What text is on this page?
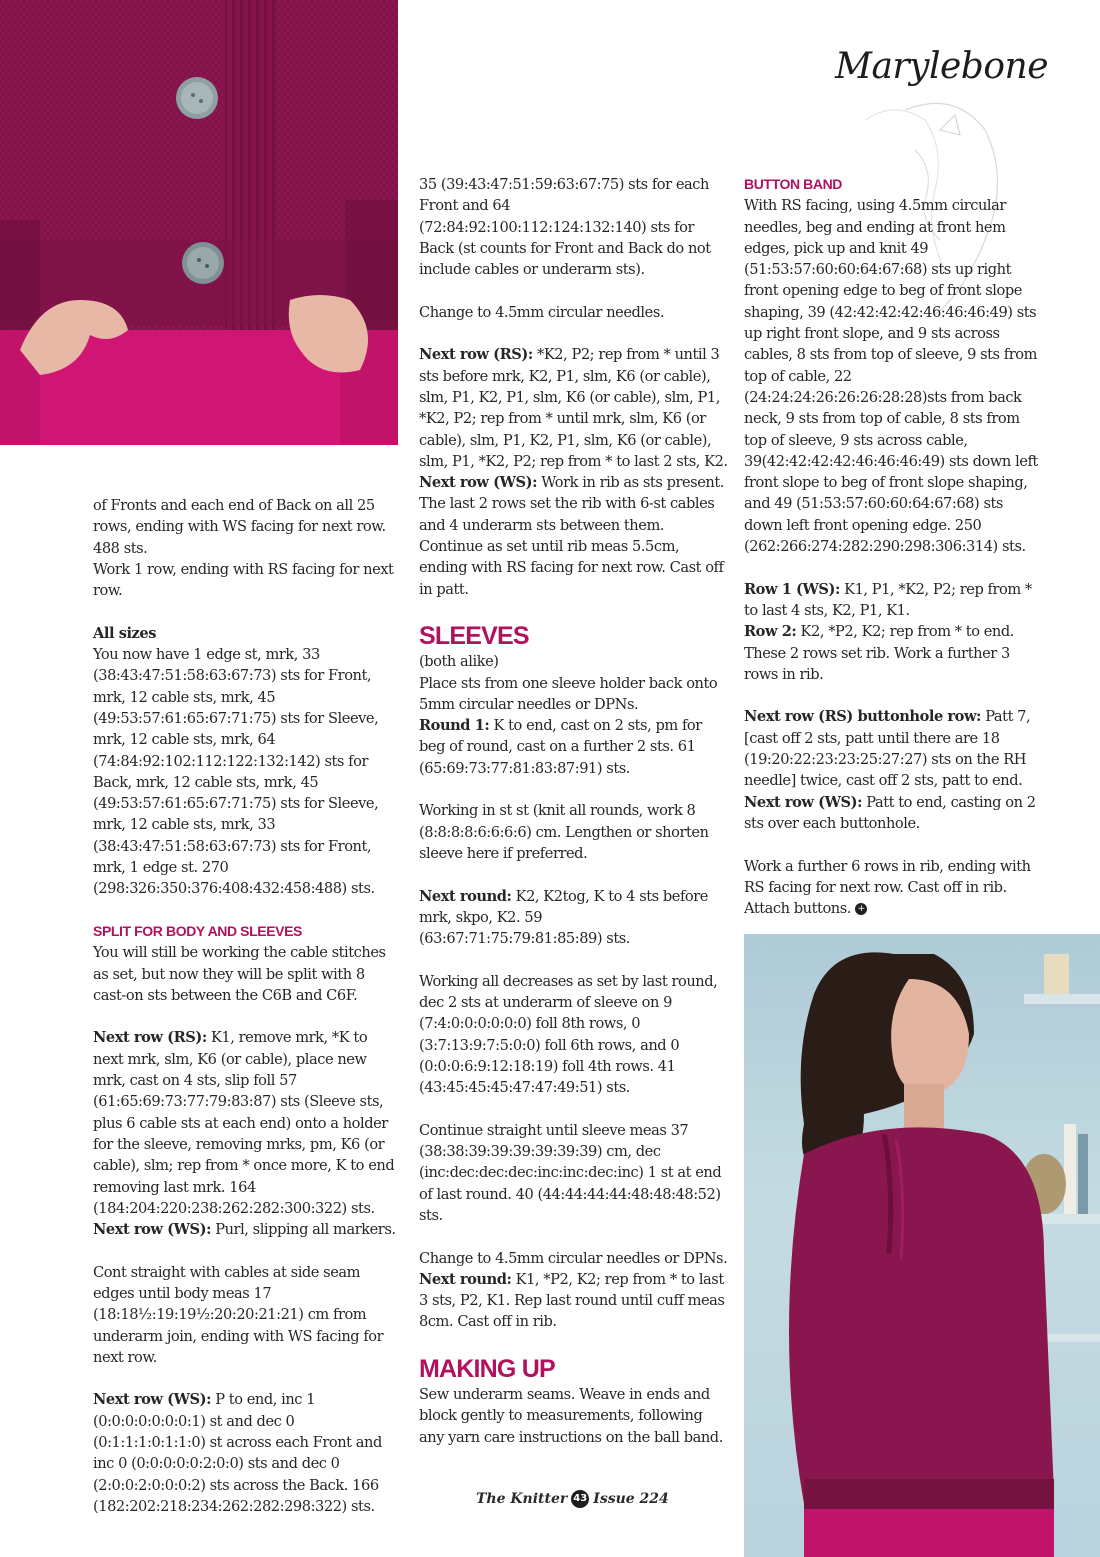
Marylebone

of Fronts and each end of Back on all 25 rows, ending with WS facing for next row. 488 sts.
Work 1 row, ending with RS facing for next row.

All sizes
You now have 1 edge st, mrk, 33 (38:43:47:51:58:63:67:73) sts for Front, mrk, 12 cable sts, mrk, 45 (49:53:57:61:65:67:71:75) sts for Sleeve, mrk, 12 cable sts, mrk, 64 (74:84:92:102:112:122:132:142) sts for Back, mrk, 12 cable sts, mrk, 45 (49:53:57:61:65:67:71:75) sts for Sleeve, mrk, 12 cable sts, mrk, 33 (38:43:47:51:58:63:67:73) sts for Front, mrk, 1 edge st. 270 (298:326:350:376:408:432:458:488) sts.

SPLIT FOR BODY AND SLEEVES
You will still be working the cable stitches as set, but now they will be split with 8 cast-on sts between the C6B and C6F.

Next row (RS): K1, remove mrk, *K to next mrk, slm, K6 (or cable), place new mrk, cast on 4 sts, slip foll 57 (61:65:69:73:77:79:83:87) sts (Sleeve sts, plus 6 cable sts at each end) onto a holder for the sleeve, removing mrks, pm, K6 (or cable), slm; rep from * once more, K to end removing last mrk. 164 (184:204:220:238:262:282:300:322) sts.
Next row (WS): Purl, slipping all markers.

Cont straight with cables at side seam edges until body meas 17 (18:18½:19:19½:20:20:21:21) cm from underarm join, ending with WS facing for next row.

Next row (WS): P to end, inc 1 (0:0:0:0:0:0:0:1) st and dec 0 (0:1:1:1:0:1:1:0) st across each Front and inc 0 (0:0:0:0:0:2:0:0) sts and dec 0 (2:0:0:2:0:0:0:2) sts across the Back. 166 (182:202:218:234:262:282:298:322) sts.

35 (39:43:47:51:59:63:67:75) sts for each Front and 64 (72:84:92:100:112:124:132:140) sts for Back (st counts for Front and Back do not include cables or underarm sts).

Change to 4.5mm circular needles.

Next row (RS): *K2, P2; rep from * until 3 sts before mrk, K2, P1, slm, K6 (or cable), slm, P1, K2, P1, slm, K6 (or cable), slm, P1, *K2, P2; rep from * until mrk, slm, K6 (or cable), slm, P1, K2, P1, slm, K6 (or cable), slm, P1, *K2, P2; rep from * to last 2 sts, K2.
Next row (WS): Work in rib as sts present. The last 2 rows set the rib with 6-st cables and 4 underarm sts between them. Continue as set until rib meas 5.5cm, ending with RS facing for next row. Cast off in patt.

SLEEVES

(both alike)
Place sts from one sleeve holder back onto 5mm circular needles or DPNs.
Round 1: K to end, cast on 2 sts, pm for beg of round, cast on a further 2 sts. 61 (65:69:73:77:81:83:87:91) sts.

Working in st st (knit all rounds, work 8 (8:8:8:8:6:6:6:6) cm. Lengthen or shorten sleeve here if preferred.

Next round: K2, K2tog, K to 4 sts before mrk, skpo, K2. 59 (63:67:71:75:79:81:85:89) sts.

Working all decreases as set by last round, dec 2 sts at underarm of sleeve on 9 (7:4:0:0:0:0:0:0) foll 8th rows, 0 (3:7:13:9:7:5:0:0) foll 6th rows, and 0 (0:0:0:6:9:12:18:19) foll 4th rows. 41 (43:45:45:45:47:47:49:51) sts.

Continue straight until sleeve meas 37 (38:38:39:39:39:39:39:39) cm, dec (inc:dec:dec:dec:inc:inc:dec:inc) 1 st at end of last round. 40 (44:44:44:44:48:48:48:52) sts.

Change to 4.5mm circular needles or DPNs.
Next round: K1, *P2, K2; rep from * to last 3 sts, P2, K1. Rep last round until cuff meas 8cm. Cast off in rib.

MAKING UP

Sew underarm seams. Weave in ends and block gently to measurements, following any yarn care instructions on the ball band.

BUTTON BAND
With RS facing, using 4.5mm circular needles, beg and ending at front hem edges, pick up and knit 49 (51:53:57:60:60:64:67:68) sts up right front opening edge to beg of front slope shaping, 39 (42:42:42:42:46:46:46:49) sts up right front slope, and 9 sts across cables, 8 sts from top of sleeve, 9 sts from top of cable, 22 (24:24:24:26:26:26:28:28)sts from back neck, 9 sts from top of cable, 8 sts from top of sleeve, 9 sts across cable, 39(42:42:42:42:46:46:46:49) sts down left front slope to beg of front slope shaping, and 49 (51:53:57:60:60:64:67:68) sts down left front opening edge. 250 (262:266:274:282:290:298:306:314) sts.

Row 1 (WS): K1, P1, *K2, P2; rep from * to last 4 sts, K2, P1, K1.
Row 2: K2, *P2, K2; rep from * to end. These 2 rows set rib. Work a further 3 rows in rib.

Next row (RS) buttonhole row: Patt 7, [cast off 2 sts, patt until there are 18 (19:20:22:23:23:25:27:27) sts on the RH needle] twice, cast off 2 sts, patt to end.
Next row (WS): Patt to end, casting on 2 sts over each buttonhole.

Work a further 6 rows in rib, ending with RS facing for next row. Cast off in rib. Attach buttons. +

The Knitter 43 Issue 224
